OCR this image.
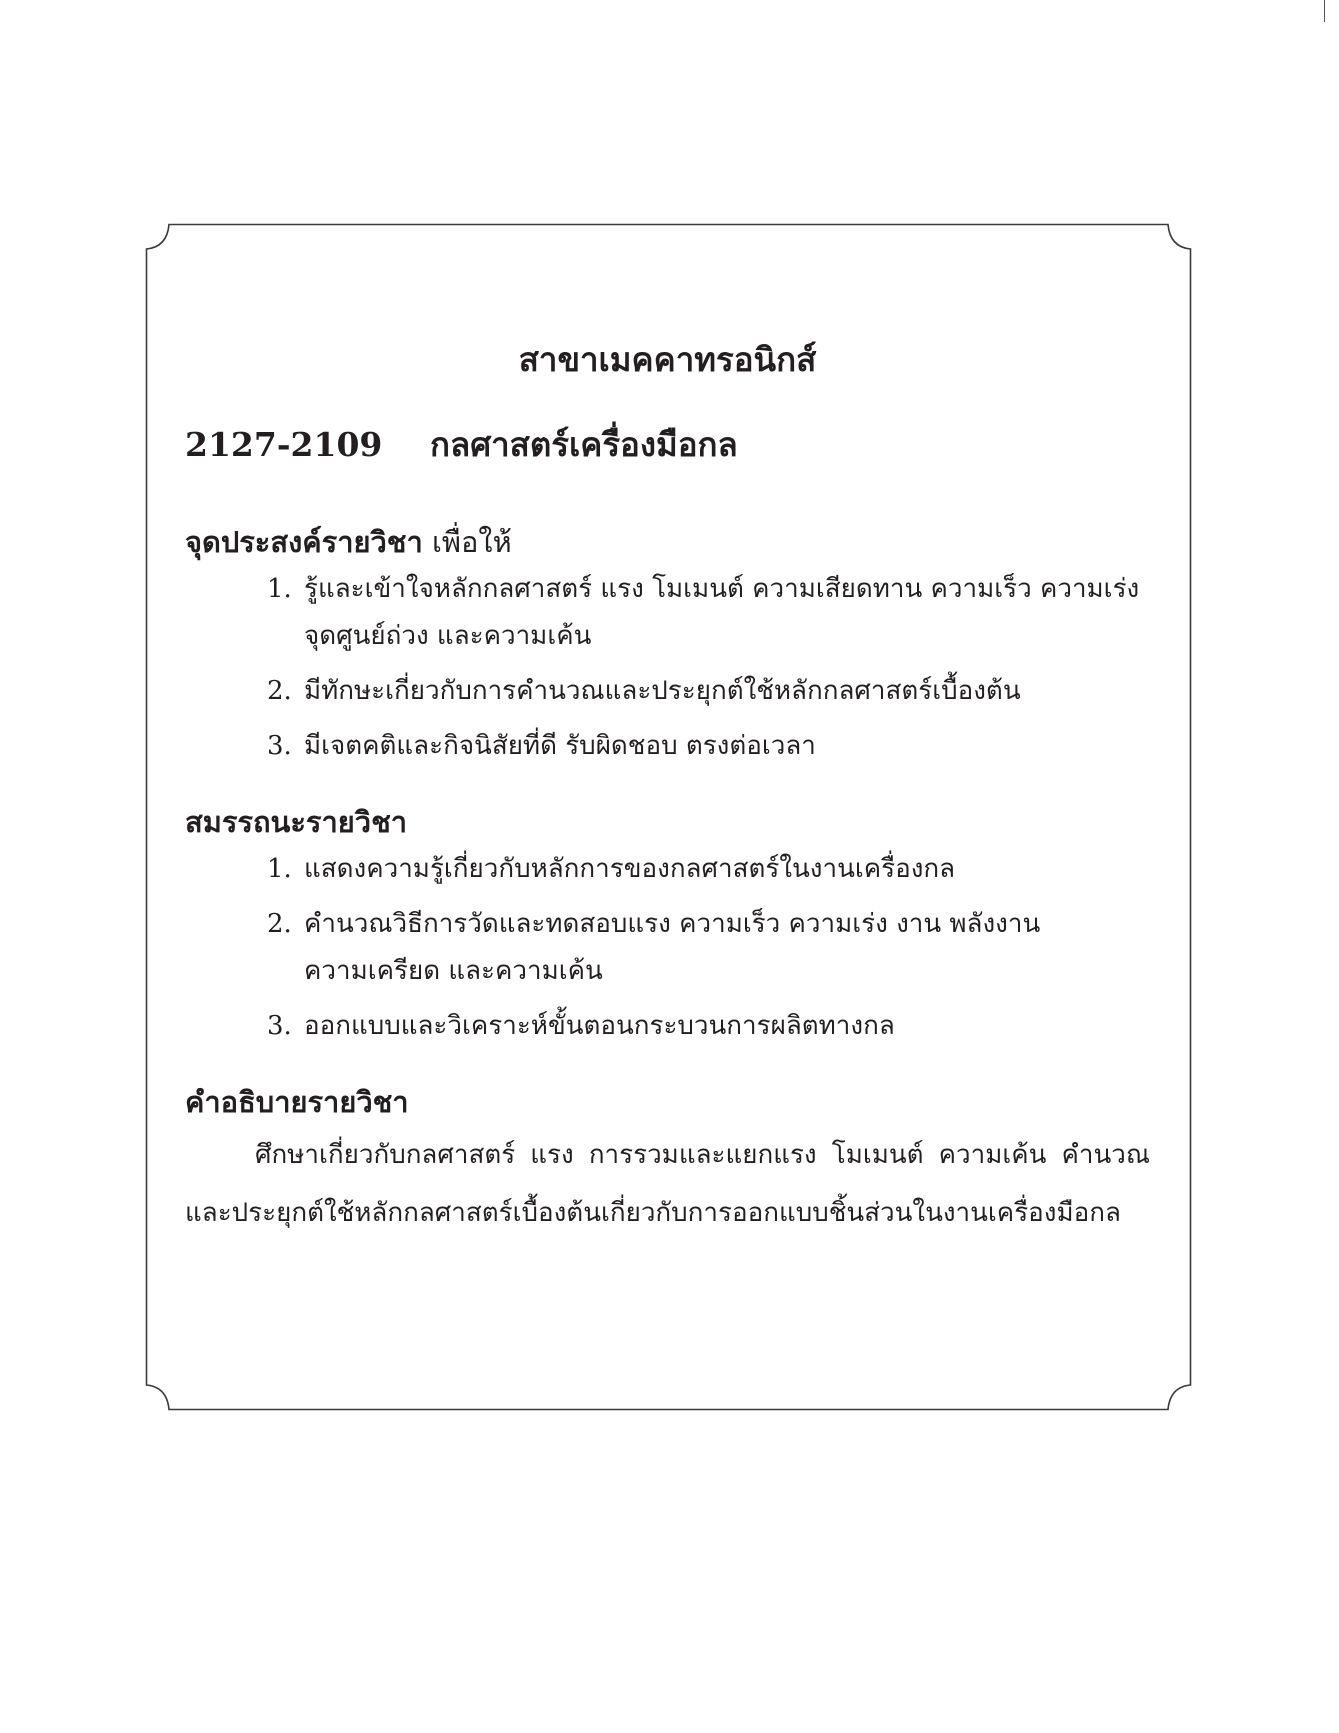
สาขาเมคคาทรอนิกส์
2127-2109 กลศาสตร์เครื่องมือกล
จุดประสงค์รายวิชา เพื่อให้
1. รู้และเข้าใจหลักกลศาสตร์ แรง โมเมนต์ ความเสียดทาน ความเร็ว ความเร่ง จุดศูนย์ถ่วง และความเค้น
2. มีทักษะเกี่ยวกับการคำนวณและประยุกต์ใช้หลักกลศาสตร์เบื้องต้น
3. มีเจตคติและกิจนิสัยที่ดี รับผิดชอบ ตรงต่อเวลา
สมรรถนะรายวิชา
1. แสดงความรู้เกี่ยวกับหลักการของกลศาสตร์ในงานเครื่องกล
2. คำนวณวิธีการวัดและทดสอบแรง ความเร็ว ความเร่ง งาน พลังงาน ความเครียด และความเค้น
3. ออกแบบและวิเคราะห์ขั้นตอนกระบวนการผลิตทางกล
คำอธิบายรายวิชา

ศึกษาเกี่ยวกับกลศาสตร์ แรง การรวมและแยกแรง โมเมนต์ ความเค้น คำนวณและประยุกต์ใช้หลักกลศาสตร์เบื้องต้นเกี่ยวกับการออกแบบชิ้นส่วนในงานเครื่องมือกล
